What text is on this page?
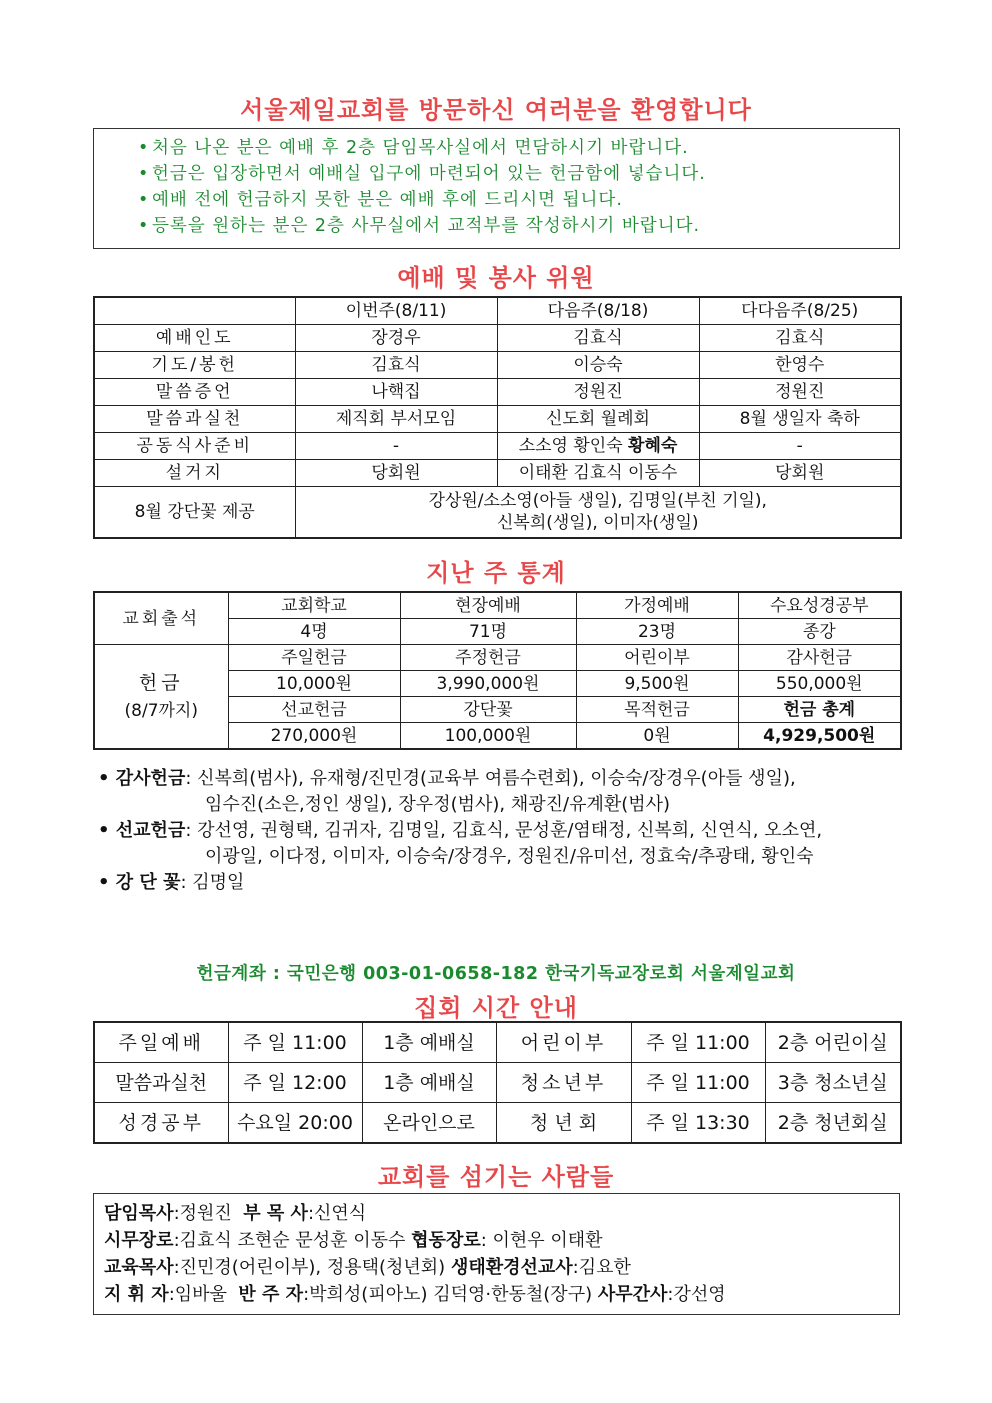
서울제일교회를 방문하신 여러분을 환영합니다
• 처음 나온 분은 예배 후 2층 담임목사실에서 면담하시기 바랍니다.
• 헌금은 입장하면서 예배실 입구에 마련되어 있는 헌금함에 넣습니다.
• 예배 전에 헌금하지 못한 분은 예배 후에 드리시면 됩니다.
• 등록을 원하는 분은 2층 사무실에서 교적부를 작성하시기 바랍니다.
예배 및 봉사 위원
	이번주(8/11)	다음주(8/18)	다다음주(8/25)
예배인도	장경우	김효식	김효식
기도/봉헌	김효식	이승숙	한영수
말씀증언	나핵집	정원진	정원진
말씀과실천	제직회 부서모임	신도회 월례회	8월 생일자 축하
공동식사준비	-	소소영 황인숙 황혜숙	-
설거지	당회원	이태환 김효식 이동수	당회원
8월 강단꽃 제공	강상원/소소영(아들 생일), 김명일(부친 기일),
신복희(생일), 이미자(생일)		
지난 주 통계
교회출석	교회학교	현장예배	가정예배	수요성경공부
	4명	71명	23명	종강

헌금
(8/7까지)	주일헌금	주정헌금	어린이부	감사헌금
	10,000원	3,990,000원	9,500원	550,000원
	선교헌금	강단꽃	목적헌금	헌금 총계
	270,000원	100,000원	0원	4,929,500원
• 감사헌금 : 신복희(범사), 유재형/진민경(교육부 여름수련회), 이승숙/장경우(아들 생일),
임수진(소은,정인 생일), 장우정(범사), 채광진/유계환(범사)
• 선교헌금 : 강선영, 권형택, 김귀자, 김명일, 김효식, 문성훈/염태정, 신복희, 신연식, 오소연,
이광일, 이다정, 이미자, 이승숙/장경우, 정원진/유미선, 정효숙/추광태, 황인숙
• 강 단 꽃 : 김명일
헌금계좌 : 국민은행 003-01-0658-182 한국기독교장로회 서울제일교회
집회 시간 안내
주일예배	주 일 11:00	1층 예배실	어린이부	주 일 11:00	2층 어린이실
말씀과실천	주 일 12:00	1층 예배실	청소년부	주 일 11:00	3층 청소년실
성경공부	수요일 20:00	온라인으로	청 년 회	주 일 13:30	2층 청년회실
교회를 섬기는 사람들
담임목사:정원진  부 목 사:신연식
시무장로:김효식 조현순 문성훈 이동수 협동장로: 이현우 이태환
교육목사:진민경(어린이부), 정용택(청년회) 생태환경선교사:김요한
지 휘 자:임바울  반 주 자:박희성(피아노) 김덕영·한동철(장구) 사무간사:강선영
